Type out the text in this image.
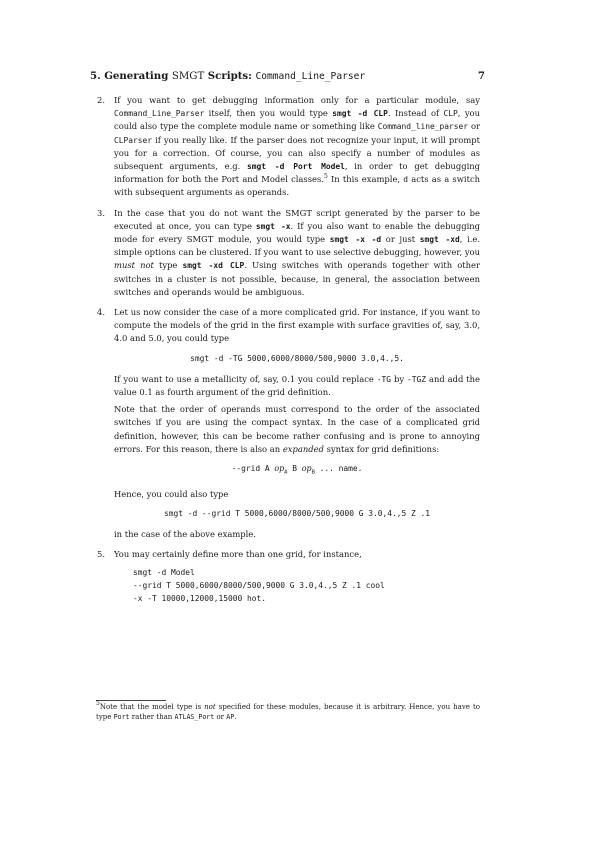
5. Generating SMGT Scripts: Command_Line_Parser	7
2. If you want to get debugging information only for a particular module, say Command_Line_Parser itself, then you would type smgt -d CLP. Instead of CLP, you could also type the complete module name or something like Command_line_parser or CLParser if you really like. If the parser does not recognize your input, it will prompt you for a correction. Of course, you can also specify a number of modules as subsequent arguments, e.g. smgt -d Port Model, in order to get debugging information for both the Port and Model classes.$^5$ In this example, d acts as a switch with subsequent arguments as operands.

3. In the case that you do not want the SMGT script generated by the parser to be executed at once, you can type smgt -x. If you also want to enable the debugging mode for every SMGT module, you would type smgt -x -d or just smgt -xd, i.e. simple options can be clustered. If you want to use selective debugging, however, you must not type smgt -xd CLP. Using switches with operands together with other switches in a cluster is not possible, because, in general, the association between switches and operands would be ambiguous.

4. Let us now consider the case of a more complicated grid. For instance, if you want to compute the models of the grid in the first example with surface gravities of, say, 3.0, 4.0 and 5.0, you could type

smgt -d -TG 5000,6000/8000/500,9000 3.0,4.,5.

If you want to use a metallicity of, say, 0.1 you could replace -TG by -TGZ and add the value 0.1 as fourth argument of the grid definition.

Note that the order of operands must correspond to the order of the associated switches if you are using the compact syntax. In the case of a complicated grid definition, however, this can be become rather confusing and is prone to annoying errors. For this reason, there is also an expanded syntax for grid definitions:

--grid A $op_A$ B $op_B$ ... name.

Hence, you could also type

smgt -d --grid T 5000,6000/8000/500,9000 G 3.0,4.,5 Z .1

in the case of the above example.

5. You may certainly define more than one grid, for instance,

smgt -d Model
--grid T 5000,6000/8000/500,9000 G 3.0,4.,5 Z .1 cool
-x -T 10000,12000,15000 hot.
$^5$Note that the model type is not specified for these modules, because it is arbitrary. Hence, you have to type Port rather than ATLAS_Port or AP.
